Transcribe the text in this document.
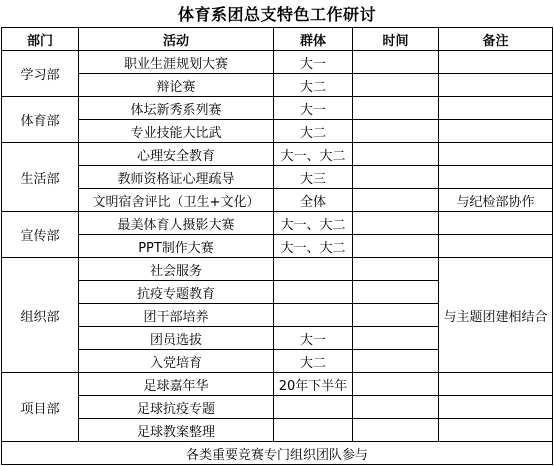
体育系团总支特色工作研讨
部门	活动	群体	时间	备注
学习部	职业生涯规划大赛	大一		
	辩论赛	大二		
体育部	体坛新秀系列赛	大一		
	专业技能大比武	大二		
生活部	心理安全教育	大一、大二		
	教师资格证心理疏导	大三		
	文明宿舍评比（卫生+文化）	全体		与纪检部协作
宣传部	最美体育人摄影大赛	大一、大二		
	PPT制作大赛	大一、大二		
组织部	社会服务			与主题团建相结合
	抗疫专题教育			
	团干部培养			
	团员选拔	大一		
	入党培育	大二		
项目部	足球嘉年华	20年下半年		
	足球抗疫专题			
	足球教案整理			
各类重要竞赛专门组织团队参与				
